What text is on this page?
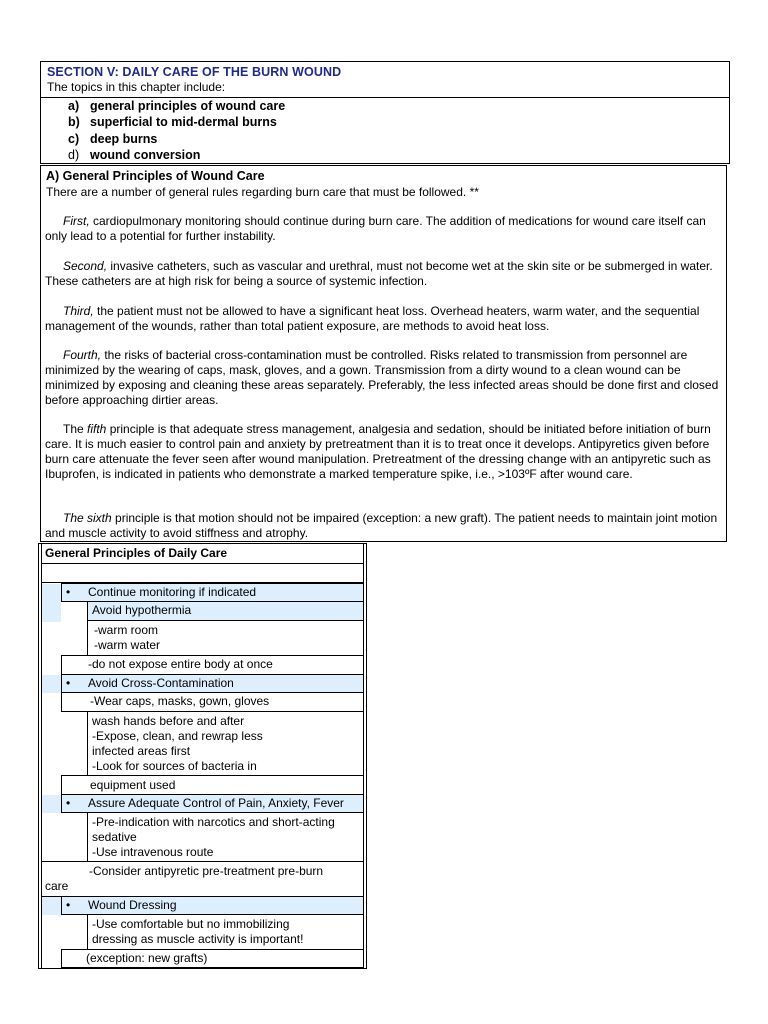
SECTION V: DAILY CARE OF THE BURN WOUND
The topics in this chapter include:
a) general principles of wound care
b) superficial to mid-dermal burns
c) deep burns
d) wound conversion
A) General Principles of Wound Care
There are a number of general rules regarding burn care that must be followed. **

First, cardiopulmonary monitoring should continue during burn care. The addition of medications for wound care itself can only lead to a potential for further instability.

Second, invasive catheters, such as vascular and urethral, must not become wet at the skin site or be submerged in water. These catheters are at high risk for being a source of systemic infection.

Third, the patient must not be allowed to have a significant heat loss. Overhead heaters, warm water, and the sequential management of the wounds, rather than total patient exposure, are methods to avoid heat loss.

Fourth, the risks of bacterial cross-contamination must be controlled. Risks related to transmission from personnel are minimized by the wearing of caps, mask, gloves, and a gown. Transmission from a dirty wound to a clean wound can be minimized by exposing and cleaning these areas separately. Preferably, the less infected areas should be done first and closed before approaching dirtier areas.

The fifth principle is that adequate stress management, analgesia and sedation, should be initiated before initiation of burn care. It is much easier to control pain and anxiety by pretreatment than it is to treat once it develops. Antipyretics given before burn care attenuate the fever seen after wound manipulation. Pretreatment of the dressing change with an antipyretic such as Ibuprofen, is indicated in patients who demonstrate a marked temperature spike, i.e., >103ºF after wound care.

The sixth principle is that motion should not be impaired (exception: a new graft). The patient needs to maintain joint motion and muscle activity to avoid stiffness and atrophy.

General Principles of Daily Care
• Continue monitoring if indicated
Avoid hypothermia
-warm room
-warm water
-do not expose entire body at once
• Avoid Cross-Contamination
-Wear caps, masks, gown, gloves
wash hands before and after
-Expose, clean, and rewrap less
infected areas first
-Look for sources of bacteria in
equipment used
• Assure Adequate Control of Pain, Anxiety, Fever
-Pre-indication with narcotics and short-acting sedative
-Use intravenous route
-Consider antipyretic pre-treatment pre-burn care
• Wound Dressing
-Use comfortable but no immobilizing dressing as muscle activity is important!
(exception: new grafts)
